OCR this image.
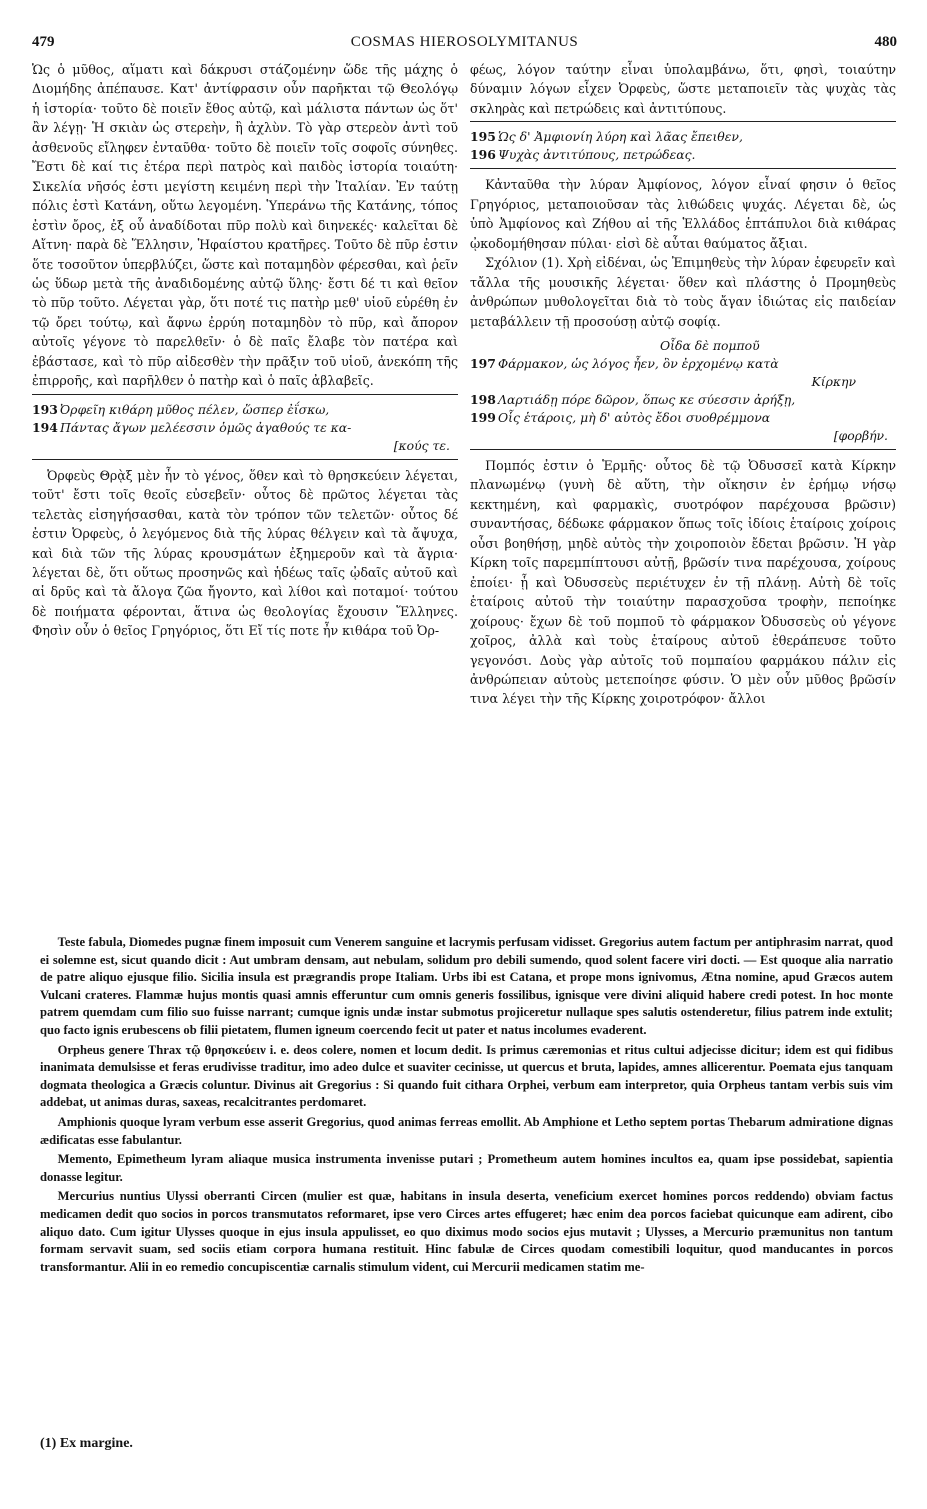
479	COSMAS HIEROSOLYMITANUS	480

Ὡς ὁ μῦθος, αἵματι καὶ δάκρυσι στάζομένην ὥδε τῆς μάχης ὁ Διομήδης ἀπέπαυσε. Κατ' ἀντίφρασιν οὖν παρῆκται τῷ Θεολόγῳ ἡ ἱστορία· τοῦτο δὲ ποιεῖν ἔθος αὐτῷ, καὶ μάλιστα πάντων ὡς ὅτ' ἂν λέγῃ· Ἡ σκιὰν ὡς στερεὴν, ἢ ἀχλὺν. Τὸ γὰρ στερεὸν ἀντὶ τοῦ ἀσθενοῦς εἴληφεν ἐνταῦθα· τοῦτο δὲ ποιεῖν τοῖς σοφοῖς σύνηθες. Ἔστι δὲ καί τις ἑτέρα περὶ πατρὸς καὶ παιδὸς ἱστορία τοιαύτη· Σικελία νῆσός ἐστι μεγίστη κειμένη περὶ τὴν Ἰταλίαν. Ἐν ταύτῃ πόλις ἐστὶ Κατάνη, οὕτω λεγομένη. Ὑπεράνω τῆς Κατάνης, τόπος ἐστὶν ὄρος, ἐξ οὗ ἀναδίδοται πῦρ πολὺ καὶ διηνεκές· καλεῖται δὲ Αἴτνη· παρὰ δὲ Ἕλλησιν, Ἡφαίστου κρατῆρες. Τοῦτο δὲ πῦρ ἐστιν ὅτε τοσοῦτον ὑπερβλύζει, ὥστε καὶ ποταμηδὸν φέρεσθαι, καὶ ῥεῖν ὡς ὕδωρ μετὰ τῆς ἀναδιδομένης αὐτῷ ὕλης· ἔστι δέ τι καὶ θεῖον τὸ πῦρ τοῦτο. Λέγεται γὰρ, ὅτι ποτέ τις πατὴρ μεθ' υἱοῦ εὑρέθη ἐν τῷ ὄρει τούτῳ, καὶ ἄφνω ἐρρύη ποταμηδὸν τὸ πῦρ, καὶ ἄπορον αὐτοῖς γέγονε τὸ παρελθεῖν· ὁ δὲ παῖς ἔλαβε τὸν πατέρα καὶ ἐβάστασε, καὶ τὸ πῦρ αἰδεσθὲν τὴν πρᾶξιν τοῦ υἱοῦ, ἀνεκόπη τῆς ἐπιρροῆς, καὶ παρῆλθεν ὁ πατὴρ καὶ ὁ παῖς ἀβλαβεῖς.

193 Ὀρφεῖη κιθάρη μῦθος πέλεν, ὥσπερ ἐΐσκω,
194 Πάντας ἄγων μελέεσσιν ὁμῶς ἀγαθούς τε κα-
[κούς τε.

Ὀρφεὺς Θρᾲξ μὲν ἦν τὸ γένος, ὅθεν καὶ τὸ θρησκεύειν λέγεται, τοῦτ' ἔστι τοῖς θεοῖς εὐσεβεῖν· οὗτος δὲ πρῶτος λέγεται τὰς τελετὰς εἰσηγήσασθαι, κατὰ τὸν τρόπον τῶν τελετῶν· οὗτος δέ ἐστιν Ὀρφεὺς, ὁ λεγόμενος διὰ τῆς λύρας θέλγειν καὶ τὰ ἄψυχα, καὶ διὰ τῶν τῆς λύρας κρουσμάτων ἐξημεροῦν καὶ τὰ ἄγρια· λέγεται δὲ, ὅτι οὕτως προσηνῶς καὶ ἡδέως ταῖς ᾠδαῖς αὐτοῦ καὶ αἱ δρῦς καὶ τὰ ἄλογα ζῶα ἤγοντο, καὶ λίθοι καὶ ποταμοί· τούτου δὲ ποιήματα φέρονται, ἅτινα ὡς θεολογίας ἔχουσιν Ἕλληνες. Φησὶν οὖν ὁ θεῖος Γρηγόριος, ὅτι Εἴ τίς ποτε ἦν κιθάρα τοῦ Ὀρ-

φέως, λόγον ταύτην εἶναι ὑπολαμβάνω, ὅτι, φησὶ, τοιαύτην δύναμιν λόγων εἶχεν Ὀρφεὺς, ὥστε μεταποιεῖν τὰς ψυχὰς τὰς σκληρὰς καὶ πετρώδεις καὶ ἀντιτύπους.

195 Ὡς δ' Ἀμφιονίη λύρη καὶ λᾶας ἔπειθεν,
196 Ψυχὰς ἀντιτύπους, πετρώδεας.

Κἀνταῦθα τὴν λύραν Ἀμφίονος, λόγον εἶναί φησιν ὁ θεῖος Γρηγόριος, μεταποιοῦσαν τὰς λιθώδεις ψυχάς. Λέγεται δὲ, ὡς ὑπὸ Ἀμφίονος καὶ Ζήθου αἱ τῆς Ἑλλάδος ἑπτάπυλοι διὰ κιθάρας ᾠκοδομήθησαν πύλαι· εἰσὶ δὲ αὗται θαύματος ἄξιαι.

Σχόλιον (1). Χρὴ εἰδέναι, ὡς Ἐπιμηθεὺς τὴν λύραν ἐφευρεῖν καὶ τἄλλα τῆς μουσικῆς λέγεται· ὅθεν καὶ πλάστης ὁ Προμηθεὺς ἀνθρώπων μυθολογεῖται διὰ τὸ τοὺς ἄγαν ἰδιώτας εἰς παιδείαν μεταβάλλειν τῇ προσούσῃ αὐτῷ σοφίᾳ.

Οἶδα δὲ πομποῦ
197 Φάρμακον, ὡς λόγος ἦεν, ὃν ἐρχομένῳ κατὰ
Κίρκην
198 Λαρτιάδῃ πόρε δῶρον, ὅπως κε σύεσσιν ἀρήξῃ,
199 Οἷς ἑτάροις, μὴ δ' αὐτὸς ἔδοι συοθρέμμονα
[φορβήν.

Πομπός ἐστιν ὁ Ἑρμῆς· οὗτος δὲ τῷ Ὀδυσσεῖ κατὰ Κίρκην πλανωμένῳ (γυνὴ δὲ αὕτη, τὴν οἴκησιν ἐν ἐρήμῳ νήσῳ κεκτημένη, καὶ φαρμακὶς, συοτρόφον παρέχουσα βρῶσιν) συναντήσας, δέδωκε φάρμακον ὅπως τοῖς ἰδίοις ἑταίροις χοίροις οὖσι βοηθήσῃ, μηδὲ αὐτὸς τὴν χοιροποιὸν ἔδεται βρῶσιν. Ἡ γὰρ Κίρκη τοῖς παρεμπίπτουσι αὐτῇ, βρῶσίν τινα παρέχουσα, χοίρους ἐποίει· ᾗ καὶ Ὀδυσσεὺς περιέτυχεν ἐν τῇ πλάνῃ. Αὐτὴ δὲ τοῖς ἑταίροις αὐτοῦ τὴν τοιαύτην παρασχοῦσα τροφὴν, πεποίηκε χοίρους· ἔχων δὲ τοῦ πομποῦ τὸ φάρμακον Ὀδυσσεὺς οὐ γέγονε χοῖρος, ἀλλὰ καὶ τοὺς ἑταίρους αὐτοῦ ἐθεράπευσε τοῦτο γεγονόσι. Δοὺς γὰρ αὐτοῖς τοῦ πομπαίου φαρμάκου πάλιν εἰς ἀνθρώπειαν αὐτοὺς μετεποίησε φύσιν. Ὁ μὲν οὖν μῦθος βρῶσίν τινα λέγει τὴν τῆς Κίρκης χοιροτρόφον· ἄλλοι

Teste fabula, Diomedes pugnæ finem imposuit cum Venerem sanguine et lacrymis perfusam vidisset. Gregorius autem factum per antiphrasim narrat, quod ei solemne est, sicut quando dicit : Aut umbram densam, aut nebulam, solidum pro debili sumendo, quod solent facere viri docti. — Est quoque alia narratio de patre aliquo ejusque filio. Sicilia insula est prægrandis prope Italiam. Urbs ibi est Catana, et prope mons ignivomus, Ætna nomine, apud Græcos autem Vulcani crateres. Flammæ hujus montis quasi amnis efferuntur cum omnis generis fossilibus, ignisque vere divini aliquid habere credi potest. In hoc monte patrem quemdam cum filio suo fuisse narrant; cumque ignis undæ instar submotus projiceretur nullaque spes salutis ostenderetur, filius patrem inde extulit; quo facto ignis erubescens ob filii pietatem, flumen igneum coercendo fecit ut pater et natus incolumes evaderent.

Orpheus genere Thrax τῷ θρησκεύειν i. e. deos colere, nomen et locum dedit. Is primus cæremonias et ritus cultui adjecisse dicitur; idem est qui fidibus inanimata demulsisse et feras erudivisse traditur, imo adeo dulce et suaviter cecinisse, ut quercus et bruta, lapides, amnes allicerentur. Poemata ejus tanquam dogmata theologica a Græcis coluntur. Divinus ait Gregorius : Si quando fuit cithara Orphei, verbum eam interpretor, quia Orpheus tantam verbis suis vim addebat, ut animas duras, saxeas, recalcitrantes perdomaret.

Amphionis quoque lyram verbum esse asserit Gregorius, quod animas ferreas emollit. Ab Amphione et Letho septem portas Thebarum admiratione dignas ædificatas esse fabulantur.

Memento, Epimetheum lyram aliaque musica instrumenta invenisse putari ; Prometheum autem homines incultos ea, quam ipse possidebat, sapientia donasse legitur.

Mercurius nuntius Ulyssi oberranti Circen (mulier est quæ, habitans in insula deserta, veneficium exercet homines porcos reddendo) obviam factus medicamen dedit quo socios in porcos transmutatos reformaret, ipse vero Circes artes effugeret; hæc enim dea porcos faciebat quicunque eam adirent, cibo aliquo dato. Cum igitur Ulysses quoque in ejus insula appulisset, eo quo diximus modo socios ejus mutavit ; Ulysses, a Mercurio præmunitus non tantum formam servavit suam, sed sociis etiam corpora humana restituit. Hinc fabulæ de Circes quodam comestibili loquitur, quod manducantes in porcos transformantur. Alii in eo remedio concupiscentiæ carnalis stimulum vident, cui Mercurii medicamen statim me-

(1) Ex margine.
